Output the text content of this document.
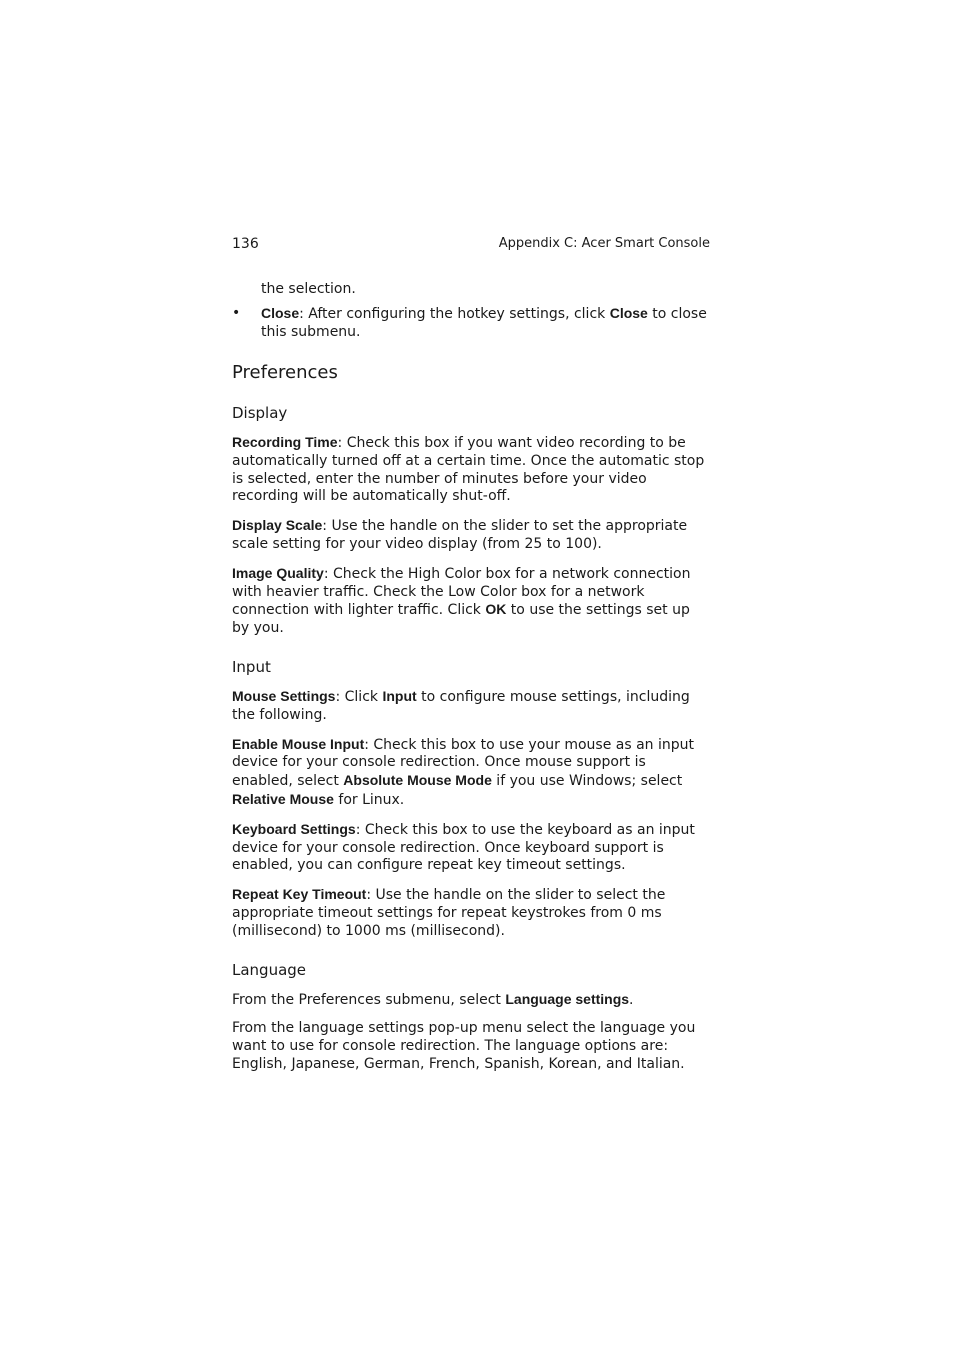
136	Appendix C: Acer Smart Console
the selection.
• Close: After configuring the hotkey settings, click Close to close this submenu.
Preferences
Display

Recording Time: Check this box if you want video recording to be automatically turned off at a certain time. Once the automatic stop is selected, enter the number of minutes before your video recording will be automatically shut-off.

Display Scale: Use the handle on the slider to set the appropriate scale setting for your video display (from 25 to 100).

Image Quality: Check the High Color box for a network connection with heavier traffic. Check the Low Color box for a network connection with lighter traffic. Click OK to use the settings set up by you.

Input

Mouse Settings: Click Input to configure mouse settings, including the following.

Enable Mouse Input: Check this box to use your mouse as an input device for your console redirection. Once mouse support is enabled, select Absolute Mouse Mode if you use Windows; select Relative Mouse for Linux.

Keyboard Settings: Check this box to use the keyboard as an input device for your console redirection. Once keyboard support is enabled, you can configure repeat key timeout settings.

Repeat Key Timeout: Use the handle on the slider to select the appropriate timeout settings for repeat keystrokes from 0 ms (millisecond) to 1000 ms (millisecond).

Language

From the Preferences submenu, select Language settings.

From the language settings pop-up menu select the language you want to use for console redirection. The language options are: English, Japanese, German, French, Spanish, Korean, and Italian.
